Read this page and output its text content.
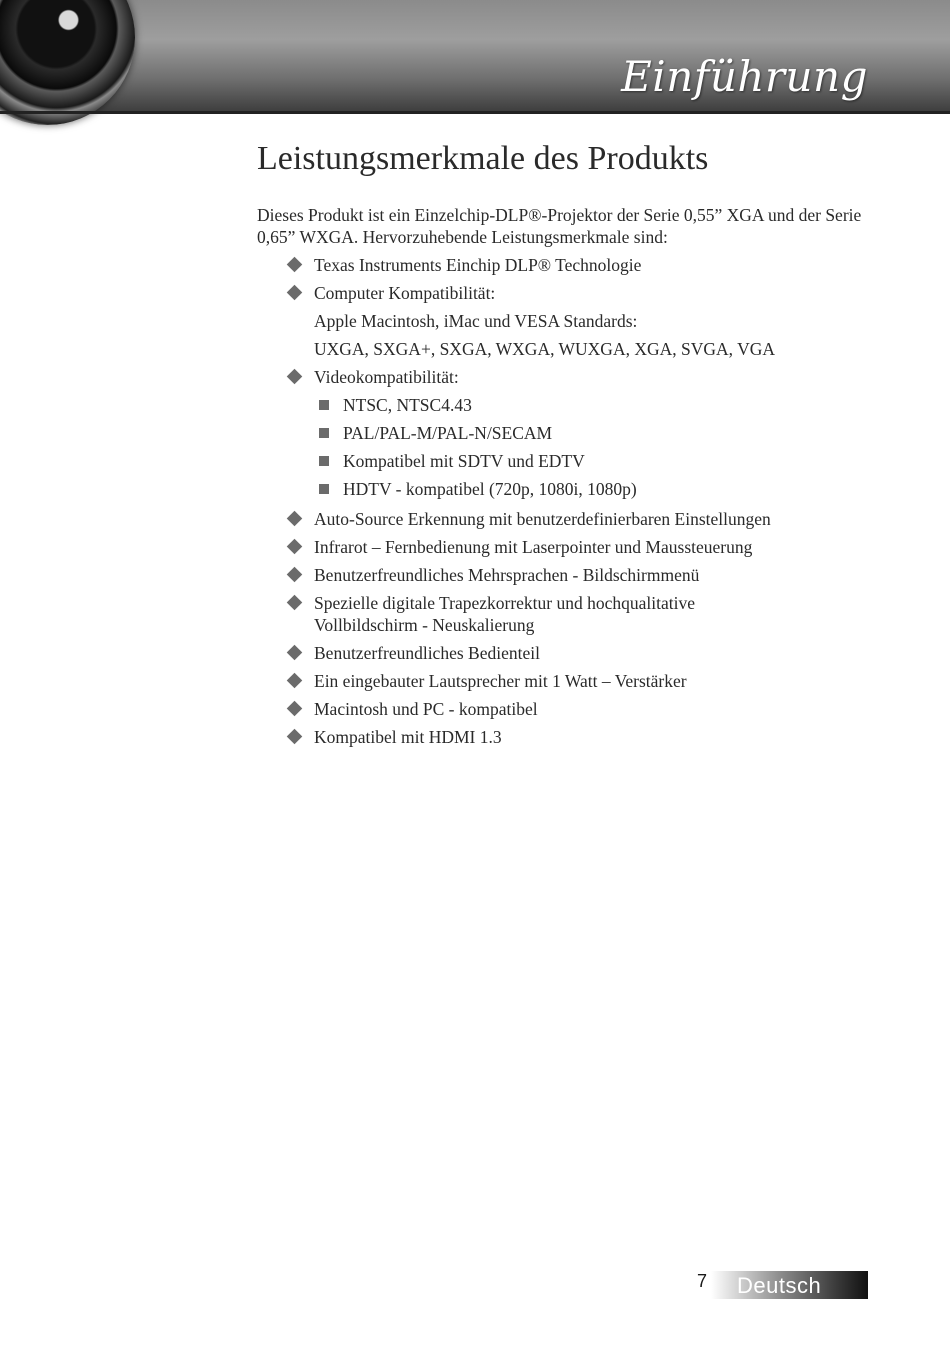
Einführung
Leistungsmerkmale des Produkts

Dieses Produkt ist ein Einzelchip-DLP®-Projektor der Serie 0,55” XGA und der Serie 0,65” WXGA. Hervorzuhebende Leistungsmerkmale sind:

Texas Instruments Einchip DLP® Technologie
Computer Kompatibilität:
Apple Macintosh, iMac und VESA Standards:
UXGA, SXGA+, SXGA, WXGA, WUXGA, XGA, SVGA, VGA
Videokompatibilität:
NTSC, NTSC4.43
PAL/PAL-M/PAL-N/SECAM
Kompatibel mit SDTV und EDTV
HDTV - kompatibel (720p, 1080i, 1080p)
Auto-Source Erkennung mit benutzerdefinierbaren Einstellungen
Infrarot – Fernbedienung mit Laserpointer und Maussteuerung
Benutzerfreundliches Mehrsprachen - Bildschirmmenü
Spezielle digitale Trapezkorrektur und hochqualitative
Vollbildschirm - Neuskalierung
Benutzerfreundliches Bedienteil
Ein eingebauter Lautsprecher mit 1 Watt – Verstärker
Macintosh und PC - kompatibel
Kompatibel mit HDMI 1.3
7 Deutsch
